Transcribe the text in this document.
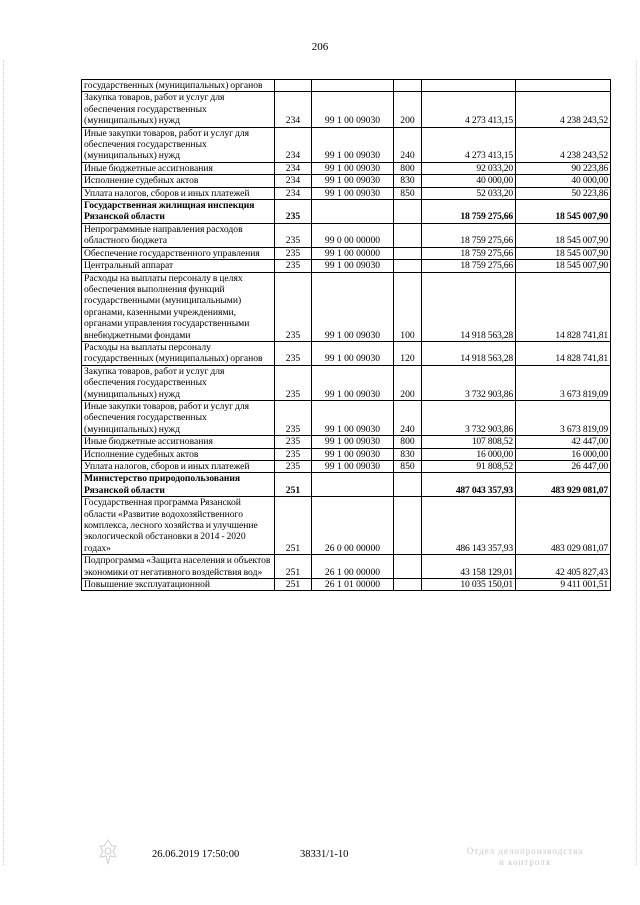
206
государственных (муниципальных) органов					
Закупка товаров, работ и услуг для обеспечения государственных (муниципальных) нужд	234	99 1 00 09030	200	4 273 413,15	4 238 243,52
Иные закупки товаров, работ и услуг для обеспечения государственных (муниципальных) нужд	234	99 1 00 09030	240	4 273 413,15	4 238 243,52
Иные бюджетные ассигнования	234	99 1 00 09030	800	92 033,20	90 223,86
Исполнение судебных актов	234	99 1 00 09030	830	40 000,00	40 000,00
Уплата налогов, сборов и иных платежей	234	99 1 00 09030	850	52 033,20	50 223,86
Государственная жилищная инспекция Рязанской области	235			18 759 275,66	18 545 007,90
Непрограммные направления расходов областного бюджета	235	99 0 00 00000		18 759 275,66	18 545 007,90
Обеспечение государственного управления	235	99 1 00 00000		18 759 275,66	18 545 007,90
Центральный аппарат	235	99 1 00 09030		18 759 275,66	18 545 007,90
Расходы на выплаты персоналу в целях обеспечения выполнения функций государственными (муниципальными) органами, казенными учреждениями, органами управления государственными внебюджетными фондами	235	99 1 00 09030	100	14 918 563,28	14 828 741,81
Расходы на выплаты персоналу государственных (муниципальных) органов	235	99 1 00 09030	120	14 918 563,28	14 828 741,81
Закупка товаров, работ и услуг для обеспечения государственных (муниципальных) нужд	235	99 1 00 09030	200	3 732 903,86	3 673 819,09
Иные закупки товаров, работ и услуг для обеспечения государственных (муниципальных) нужд	235	99 1 00 09030	240	3 732 903,86	3 673 819,09
Иные бюджетные ассигнования	235	99 1 00 09030	800	107 808,52	42 447,00
Исполнение судебных актов	235	99 1 00 09030	830	16 000,00	16 000,00
Уплата налогов, сборов и иных платежей	235	99 1 00 09030	850	91 808,52	26 447,00
Министерство природопользования Рязанской области	251			487 043 357,93	483 929 081,07
Государственная программа Рязанской области «Развитие водохозяйственного комплекса, лесного хозяйства и улучшение экологической обстановки в 2014 - 2020 годах»	251	26 0 00 00000		486 143 357,93	483 029 081,07
Подпрограмма «Защита населения и объектов экономики от негативного воздействия вод»	251	26 1 00 00000		43 158 129,01	42 405 827,43
Повышение эксплуатационной	251	26 1 01 00000		10 035 150,01	9 411 001,51
26.06.2019 17:50:00	38331/1-10	Отдел делопроизводства
и контроля
